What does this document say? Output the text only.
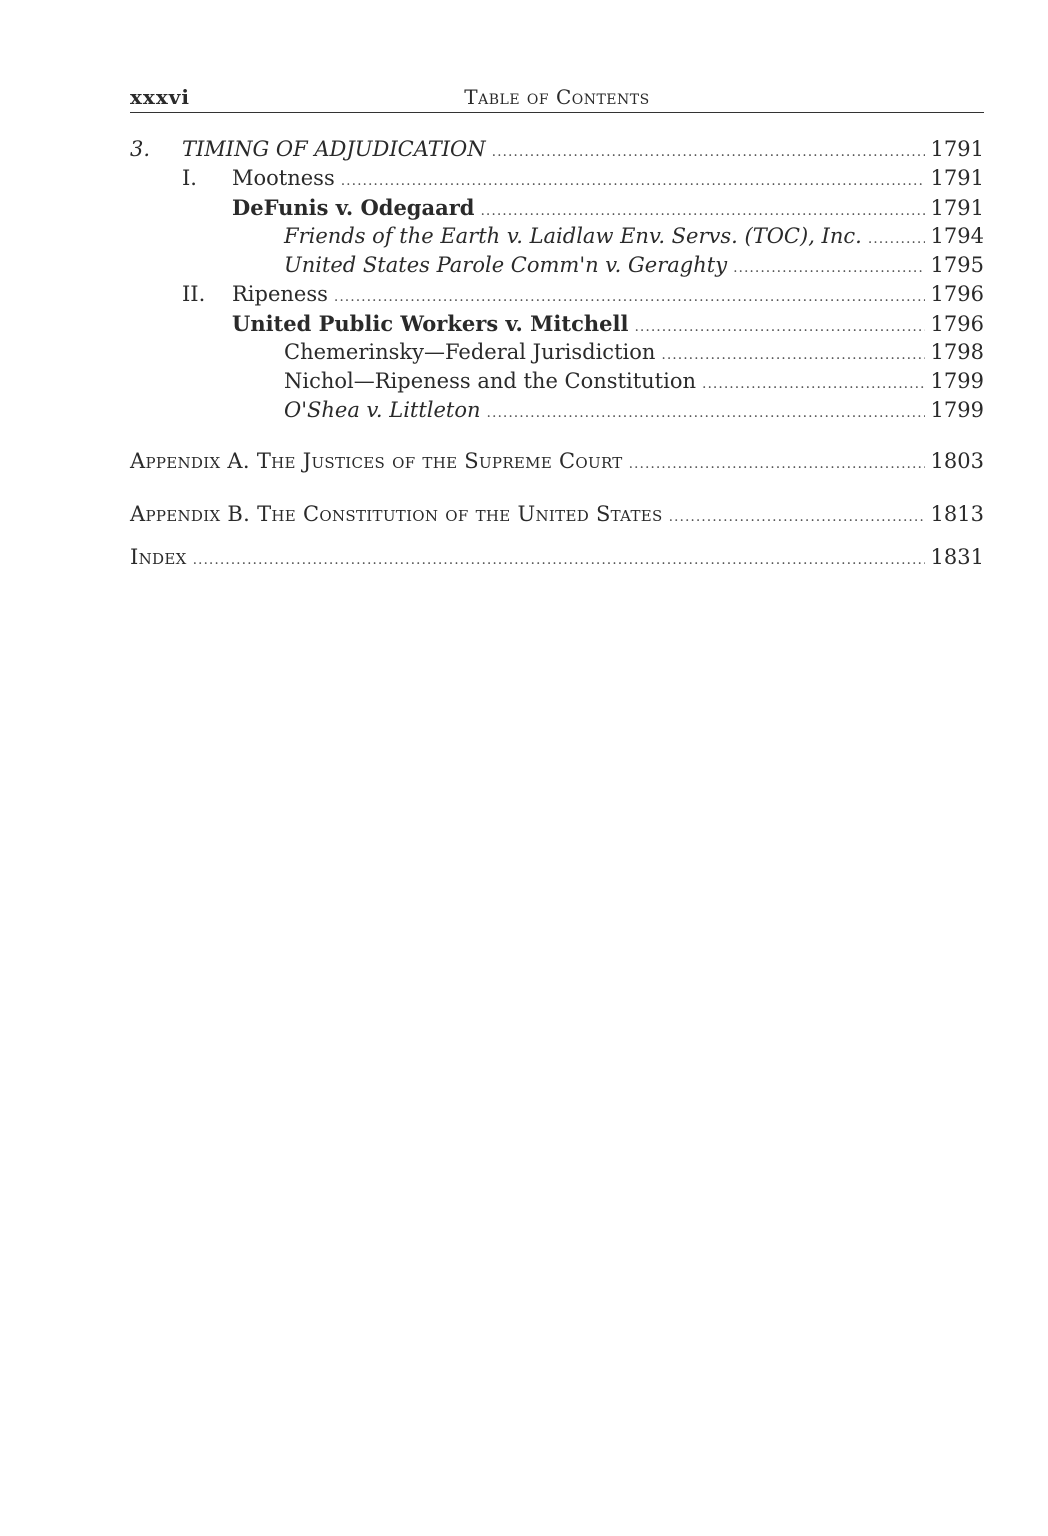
xxxvi	Table of Contents
3.	TIMING OF ADJUDICATION .....	1791
I.	Mootness .....	1791
DeFunis v. Odegaard .....	1791
Friends of the Earth v. Laidlaw Env. Servs. (TOC), Inc. .....	1794
United States Parole Comm'n v. Geraghty .....	1795
II.	Ripeness .....	1796
United Public Workers v. Mitchell .....	1796
Chemerinsky—Federal Jurisdiction .....	1798
Nichol—Ripeness and the Constitution .....	1799
O'Shea v. Littleton .....	1799
Appendix A. The Justices of the Supreme Court .....	1803
Appendix B. The Constitution of the United States .....	1813
Index .....	1831
